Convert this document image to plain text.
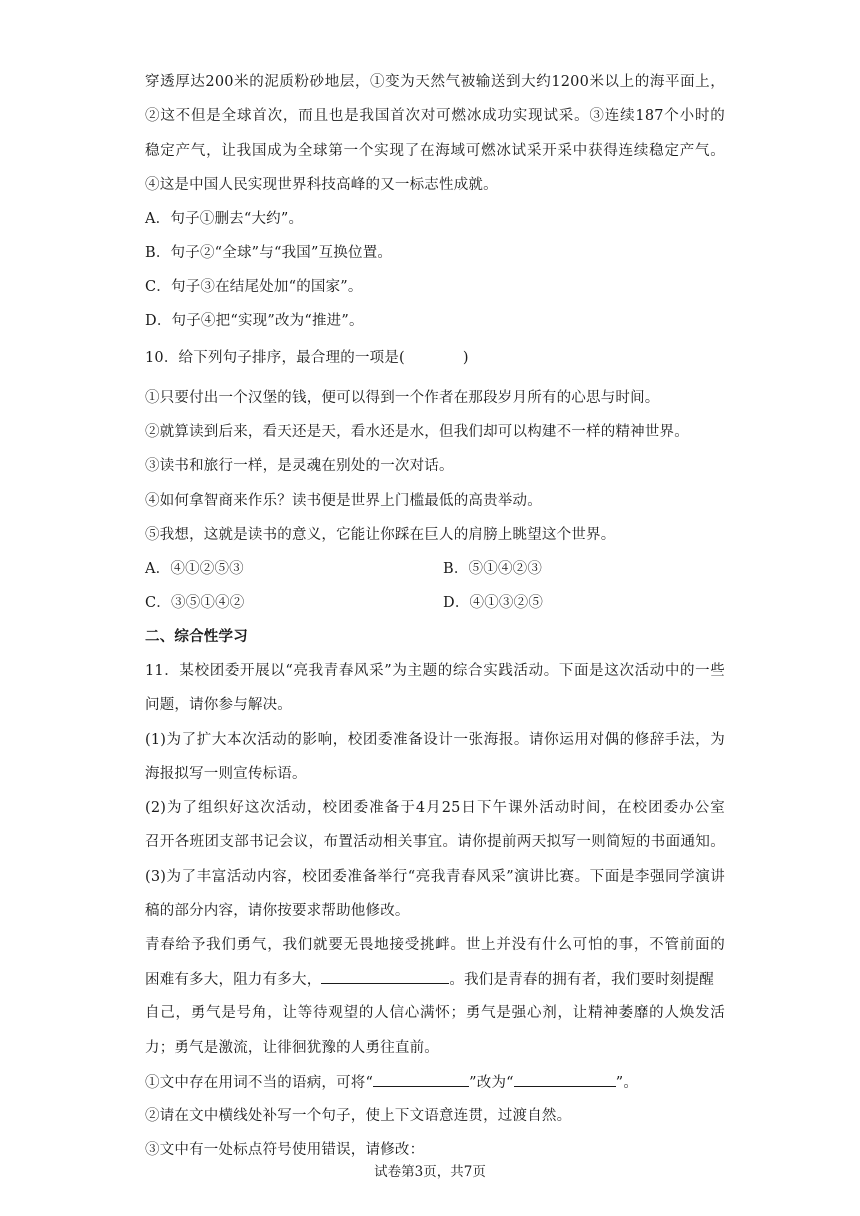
穿透厚达200米的泥质粉砂地层，①变为天然气被输送到大约1200米以上的海平面上，
②这不但是全球首次，而且也是我国首次对可燃冰成功实现试采。③连续187个小时的
稳定产气，让我国成为全球第一个实现了在海域可燃冰试采开采中获得连续稳定产气。
④这是中国人民实现世界科技高峰的又一标志性成就。
A．句子①删去“大约”。
B．句子②“全球”与“我国”互换位置。
C．句子③在结尾处加“的国家”。
D．句子④把“实现”改为“推进”。
10．给下列句子排序，最合理的一项是(	)
①只要付出一个汉堡的钱，便可以得到一个作者在那段岁月所有的心思与时间。
②就算读到后来，看天还是天，看水还是水，但我们却可以构建不一样的精神世界。
③读书和旅行一样，是灵魂在别处的一次对话。
④如何拿智商来作乐？读书便是世界上门槛最低的高贵举动。
⑤我想，这就是读书的意义，它能让你踩在巨人的肩膀上眺望这个世界。
A．④①②⑤③	B．⑤①④②③
C．③⑤①④②	D．④①③②⑤
二、综合性学习
11．某校团委开展以“亮我青春风采”为主题的综合实践活动。下面是这次活动中的一些
问题，请你参与解决。
(1)为了扩大本次活动的影响，校团委准备设计一张海报。请你运用对偶的修辞手法，为
海报拟写一则宣传标语。
(2)为了组织好这次活动，校团委准备于4月25日下午课外活动时间，在校团委办公室
召开各班团支部书记会议，布置活动相关事宜。请你提前两天拟写一则简短的书面通知。
(3)为了丰富活动内容，校团委准备举行“亮我青春风采”演讲比赛。下面是李强同学演讲
稿的部分内容，请你按要求帮助他修改。
青春给予我们勇气，我们就要无畏地接受挑衅。世上并没有什么可怕的事，不管前面的
困难有多大，阻力有多大，	。我们是青春的拥有者，我们要时刻提醒
自己，勇气是号角，让等待观望的人信心满怀；勇气是强心剂，让精神萎靡的人焕发活
力；勇气是激流，让徘徊犹豫的人勇往直前。
①文中存在用词不当的语病，可将“	”改为“	”。
②请在文中横线处补写一个句子，使上下文语意连贯，过渡自然。
③文中有一处标点符号使用错误，请修改：
试卷第3页，共7页
